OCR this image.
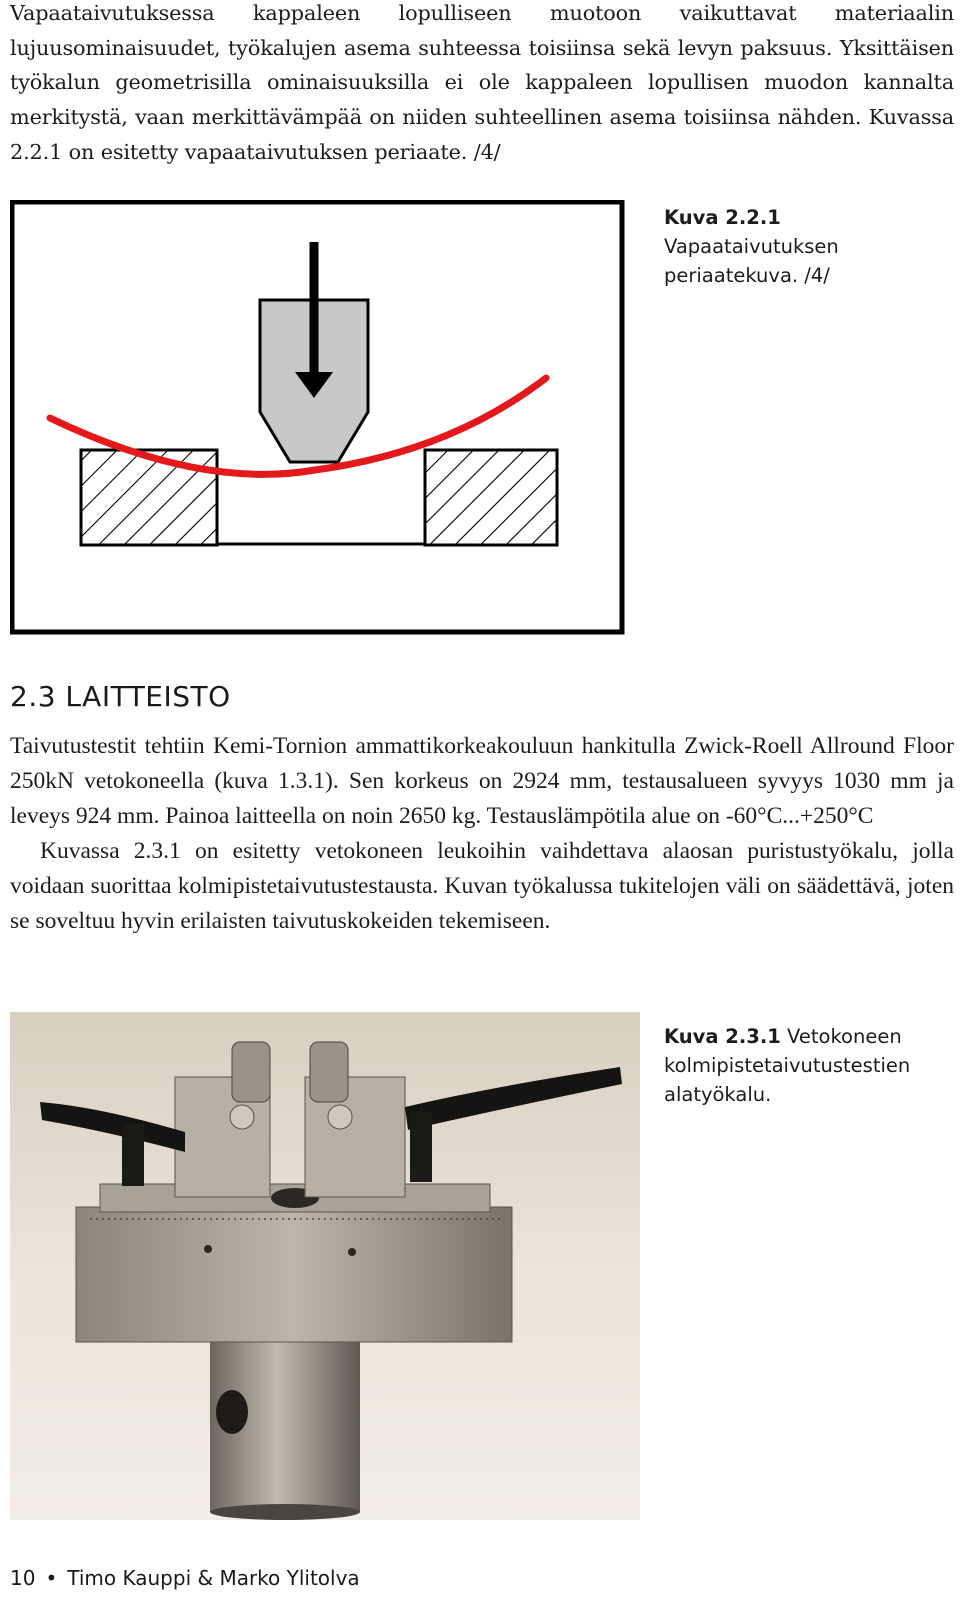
Vapaataivutuksessa kappaleen lopulliseen muotoon vaikuttavat materiaalin lujuusominaisuudet, työkalujen asema suhteessa toisiinsa sekä levyn paksuus. Yksittäisen työkalun geometrisilla ominaisuuksilla ei ole kappaleen lopullisen muodon kannalta merkitystä, vaan merkittävämpää on niiden suhteellinen asema toisiinsa nähden. Kuvassa 2.2.1 on esitetty vapaataivutuksen periaate. /4/

Kuva 2.2.1
Vapaataivutuksen periaatekuva. /4/
2.3 LAITTEISTO
Taivutustestit tehtiin Kemi-Tornion ammattikorkeakouluun hankitulla Zwick-Roell Allround Floor 250kN vetokoneella (kuva 1.3.1). Sen korkeus on 2924 mm, testausalueen syvyys 1030 mm ja leveys 924 mm. Painoa laitteella on noin 2650 kg. Testauslämpötila alue on -60°C...+250°C
Kuvassa 2.3.1 on esitetty vetokoneen leukoihin vaihdettava alaosan puristustyökalu, jolla voidaan suorittaa kolmipistetaivutustestausta. Kuvan työkalussa tukitelojen väli on säädettävä, joten se soveltuu hyvin erilaisten taivutuskokeiden tekemiseen.
Kuva 2.3.1 Vetokoneen kolmipistetaivutustestien alatyökalu.
10 • Timo Kauppi & Marko Ylitolva
